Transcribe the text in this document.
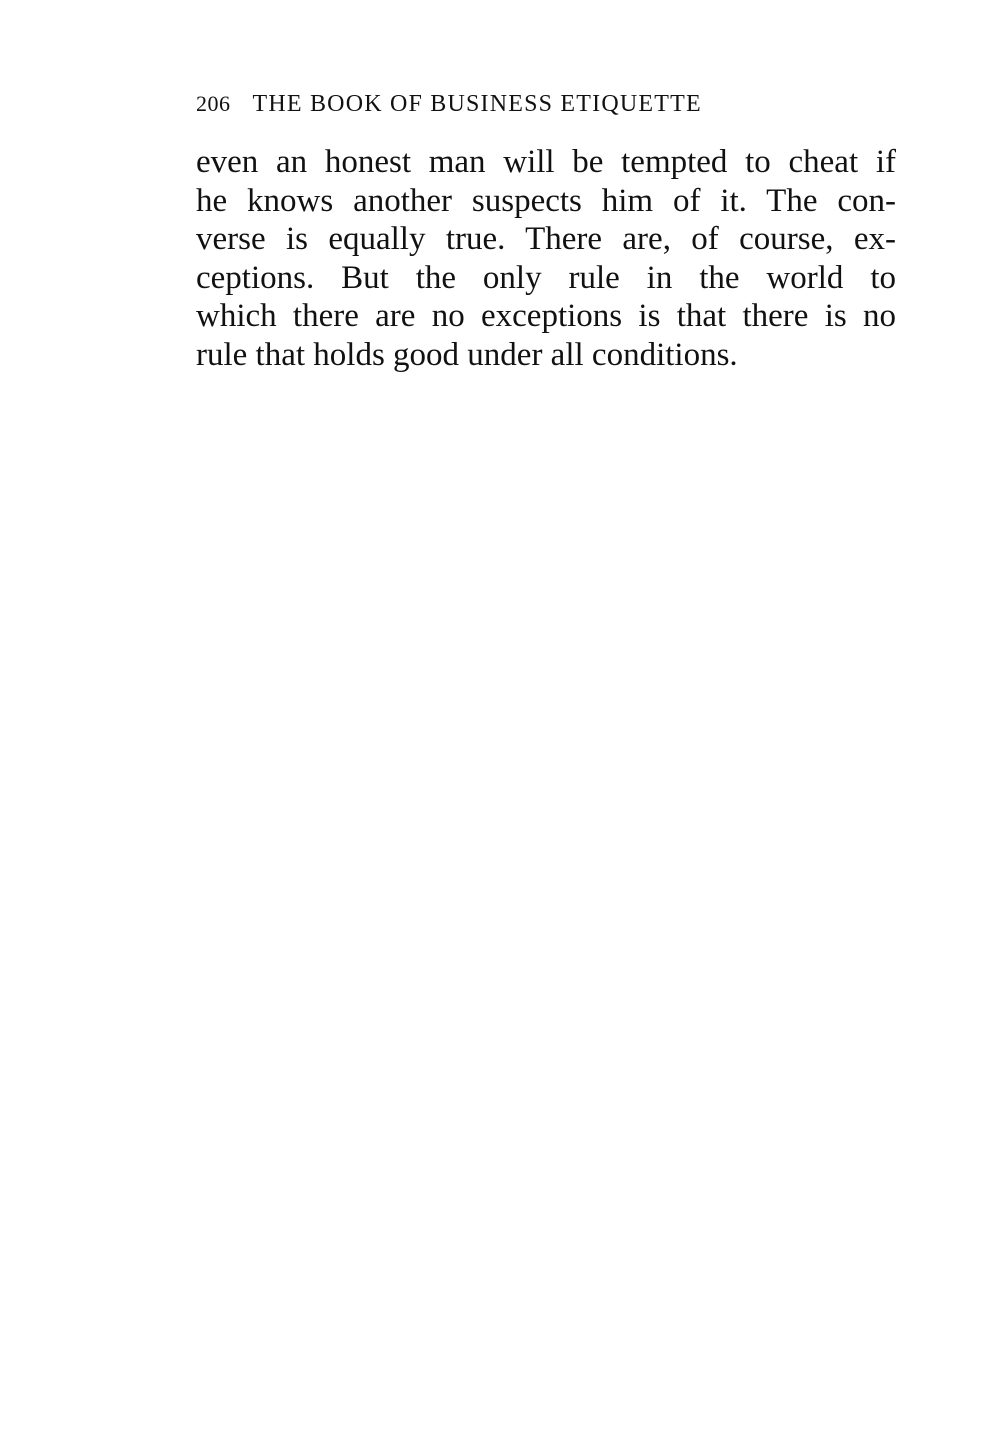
206 THE BOOK OF BUSINESS ETIQUETTE
even an honest man will be tempted to cheat if
he knows another suspects him of it. The con-
verse is equally true. There are, of course, ex-
ceptions. But the only rule in the world to
which there are no exceptions is that there is no
rule that holds good under all conditions.
